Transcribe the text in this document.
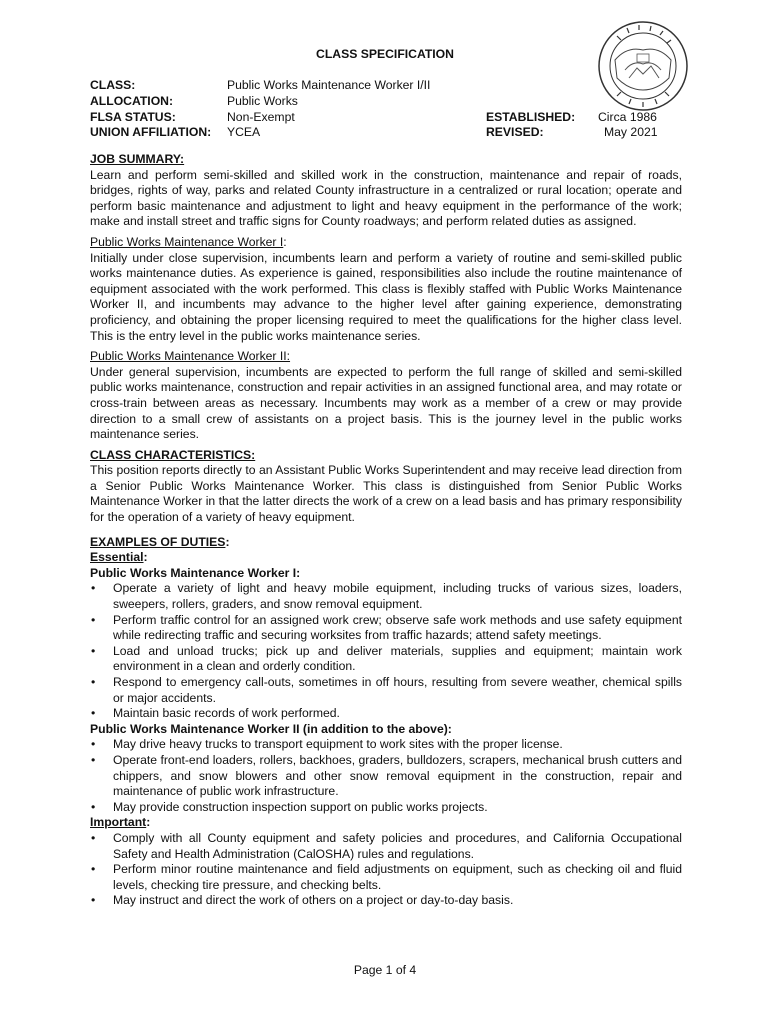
CLASS SPECIFICATION
CLASS:	Public Works Maintenance Worker I/II
ALLOCATION:	Public Works
FLSA STATUS:	Non-Exempt
UNION AFFILIATION: YCEA
ESTABLISHED: Circa 1986
REVISED:	May 2021
JOB SUMMARY:

Learn and perform semi-skilled and skilled work in the construction, maintenance and repair of roads, bridges, rights of way, parks and related County infrastructure in a centralized or rural location; operate and perform basic maintenance and adjustment to light and heavy equipment in the performance of the work; make and install street and traffic signs for County roadways; and perform related duties as assigned.

Public Works Maintenance Worker I:

Initially under close supervision, incumbents learn and perform a variety of routine and semi-skilled public works maintenance duties. As experience is gained, responsibilities also include the routine maintenance of equipment associated with the work performed. This class is flexibly staffed with Public Works Maintenance Worker II, and incumbents may advance to the higher level after gaining experience, demonstrating proficiency, and obtaining the proper licensing required to meet the qualifications for the higher class level. This is the entry level in the public works maintenance series.

Public Works Maintenance Worker II:

Under general supervision, incumbents are expected to perform the full range of skilled and semi-skilled public works maintenance, construction and repair activities in an assigned functional area, and may rotate or cross-train between areas as necessary. Incumbents may work as a member of a crew or may provide direction to a small crew of assistants on a project basis. This is the journey level in the public works maintenance series.

CLASS CHARACTERISTICS:

This position reports directly to an Assistant Public Works Superintendent and may receive lead direction from a Senior Public Works Maintenance Worker. This class is distinguished from Senior Public Works Maintenance Worker in that the latter directs the work of a crew on a lead basis and has primary responsibility for the operation of a variety of heavy equipment.

EXAMPLES OF DUTIES:
Essential:
Public Works Maintenance Worker I:
• Operate a variety of light and heavy mobile equipment, including trucks of various sizes, loaders, sweepers, rollers, graders, and snow removal equipment.
• Perform traffic control for an assigned work crew; observe safe work methods and use safety equipment while redirecting traffic and securing worksites from traffic hazards; attend safety meetings.
• Load and unload trucks; pick up and deliver materials, supplies and equipment; maintain work environment in a clean and orderly condition.
• Respond to emergency call-outs, sometimes in off hours, resulting from severe weather, chemical spills or major accidents.
• Maintain basic records of work performed.
Public Works Maintenance Worker II (in addition to the above):
• May drive heavy trucks to transport equipment to work sites with the proper license.
• Operate front-end loaders, rollers, backhoes, graders, bulldozers, scrapers, mechanical brush cutters and chippers, and snow blowers and other snow removal equipment in the construction, repair and maintenance of public work infrastructure.
• May provide construction inspection support on public works projects.
Important:
• Comply with all County equipment and safety policies and procedures, and California Occupational Safety and Health Administration (CalOSHA) rules and regulations.
• Perform minor routine maintenance and field adjustments on equipment, such as checking oil and fluid levels, checking tire pressure, and checking belts.
• May instruct and direct the work of others on a project or day-to-day basis.
Page 1 of 4
